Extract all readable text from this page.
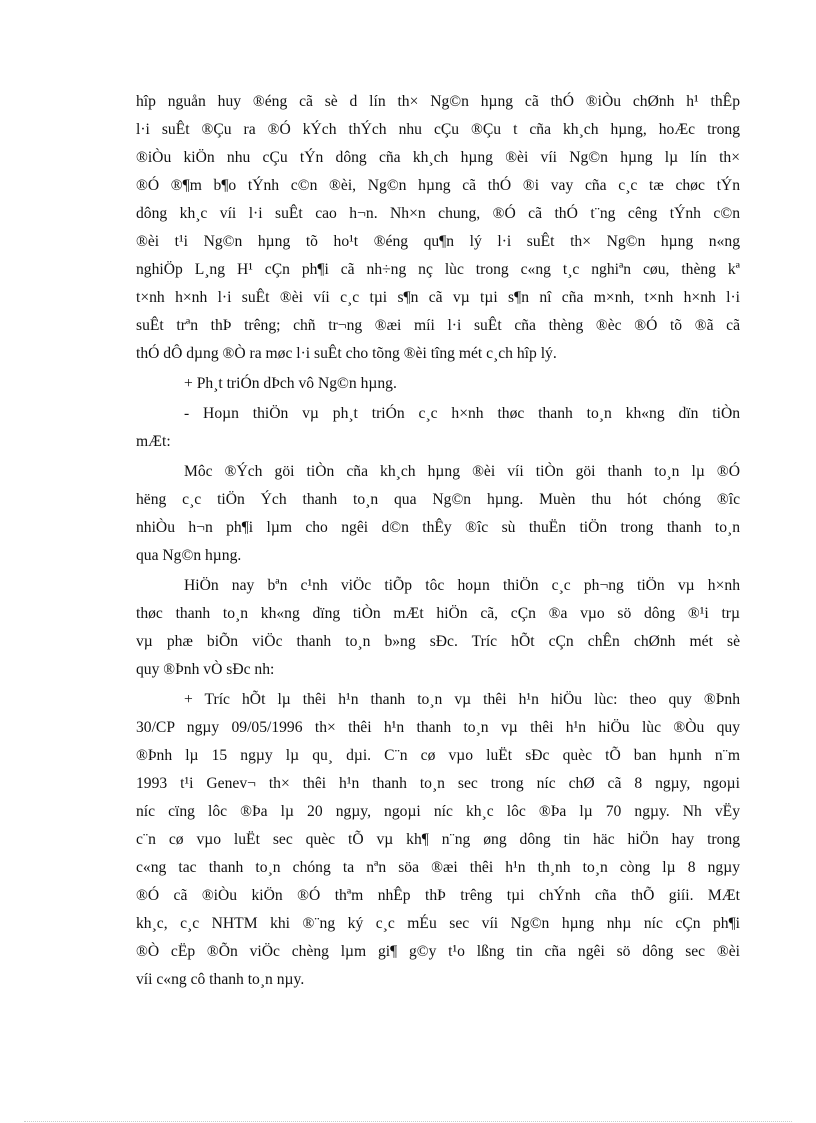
hîp nguån huy ®éng cã sè d lín th× Ng©n hµng cã thÓ ®iÒu chØnh h¹ thÊp
l·i suÊt ®Çu ra ®Ó kÝch thÝch nhu cÇu ®Çu t cña kh¸ch hµng, hoÆc trong
®iÒu kiÖn nhu cÇu tÝn dông cña kh¸ch hµng ®èi víi Ng©n hµng lµ lín th×
®Ó ®¶m b¶o tÝnh c©n ®èi, Ng©n hµng cã thÓ ®i vay cña c¸c tæ chøc tÝn
dông kh¸c víi l·i suÊt cao h¬n. Nh×n chung, ®Ó cã thÓ t¨ng cêng tÝnh c©n
®èi t¹i Ng©n hµng tõ ho¹t ®éng qu¶n lý l·i suÊt th× Ng©n hµng n«ng
nghiÖp L¸ng H¹ cÇn ph¶i cã nh÷ng nç lùc trong c«ng t¸c nghiªn cøu, thèng kª
t×nh h×nh l·i suÊt ®èi víi c¸c tµi s¶n cã vµ tµi s¶n nî cña m×nh, t×nh h×nh l·i
suÊt trªn thÞ trêng; chñ tr¬ng ®æi míi l·i suÊt cña thèng ®èc ®Ó tõ ®ã cã
thÓ dÔ dµng ®Ò ra møc l·i suÊt cho tõng ®èi tîng mét c¸ch hîp lý.

+ Ph¸t triÓn dÞch vô Ng©n hµng.

- Hoµn thiÖn vµ ph¸t triÓn c¸c h×nh thøc thanh to¸n kh«ng dïn tiÒn
mÆt:

Môc ®Ých göi tiÒn cña kh¸ch hµng ®èi víi tiÒn göi thanh to¸n lµ ®Ó
hëng c¸c tiÖn Ých thanh to¸n qua Ng©n hµng. Muèn thu hót chóng ®îc
nhiÒu h¬n ph¶i lµm cho ngêi d©n thÊy ®îc sù thuËn tiÖn trong thanh to¸n
qua Ng©n hµng.

HiÖn nay bªn c¹nh viÖc tiÕp tôc hoµn thiÖn c¸c ph¬ng tiÖn vµ h×nh
thøc thanh to¸n kh«ng dïng tiÒn mÆt hiÖn cã, cÇn ®a vµo sö dông ®¹i trµ
vµ phæ biÕn viÖc thanh to¸n b»ng sÐc. Tríc hÕt cÇn chÊn chØnh mét sè
quy ®Þnh vÒ sÐc nh:

+ Tríc hÕt lµ thêi h¹n thanh to¸n vµ thêi h¹n hiÖu lùc: theo quy ®Þnh
30/CP ngµy 09/05/1996 th× thêi h¹n thanh to¸n vµ thêi h¹n hiÖu lùc ®Òu quy
®Þnh lµ 15 ngµy lµ qu¸ dµi. C¨n cø vµo luËt sÐc quèc tÕ ban hµnh n¨m
1993 t¹i Genev¬ th× thêi h¹n thanh to¸n sec trong níc chØ cã 8 ngµy, ngoµi
níc cïng lôc ®Þa lµ 20 ngµy, ngoµi níc kh¸c lôc ®Þa lµ 70 ngµy. Nh vËy
c¨n cø vµo luËt sec quèc tÕ vµ kh¶ n¨ng øng dông tin häc hiÖn hay trong
c«ng tac thanh to¸n chóng ta nªn söa ®æi thêi h¹n th¸nh to¸n còng lµ 8 ngµy
®Ó cã ®iÒu kiÖn ®Ó thªm nhÊp thÞ trêng tµi chÝnh cña thÕ giíi. MÆt
kh¸c, c¸c NHTM khi ®¨ng ký c¸c mÉu sec víi Ng©n hµng nhµ níc cÇn ph¶i
®Ò cËp ®Õn viÖc chèng lµm gi¶ g©y t¹o lßng tin cña ngêi sö dông sec ®èi
víi c«ng cô thanh to¸n nµy.
